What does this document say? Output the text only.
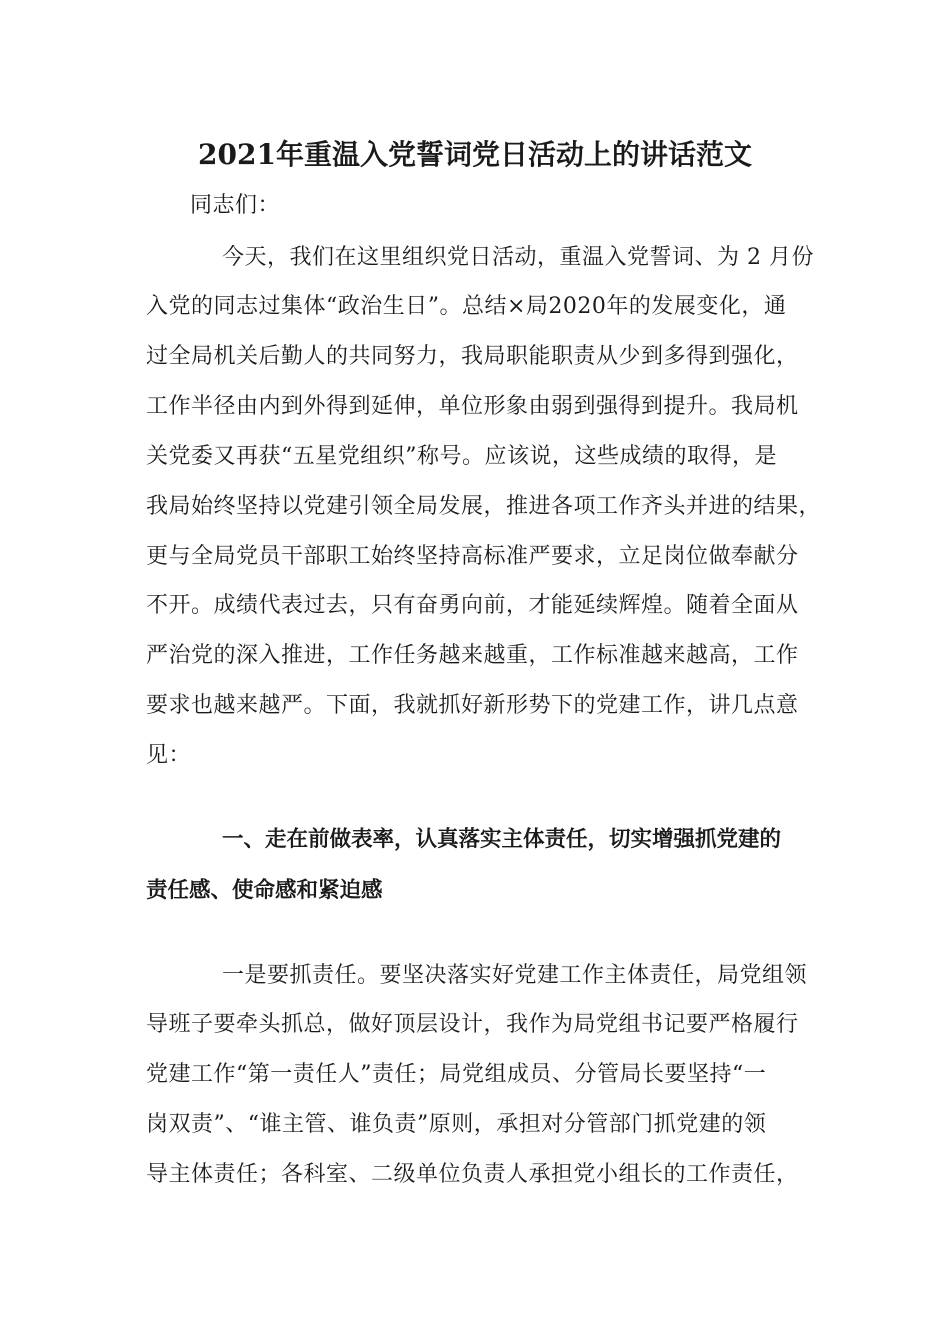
2021年重温入党誓词党日活动上的讲话范文
同志们：
今天，我们在这里组织党日活动，重温入党誓词、为 2 月份
入党的同志过集体“政治生日”。总结×局2020年的发展变化，通
过全局机关后勤人的共同努力，我局职能职责从少到多得到强化，
工作半径由内到外得到延伸，单位形象由弱到强得到提升。我局机
关党委又再获“五星党组织”称号。应该说，这些成绩的取得，是
我局始终坚持以党建引领全局发展，推进各项工作齐头并进的结果，
更与全局党员干部职工始终坚持高标准严要求，立足岗位做奉献分
不开。成绩代表过去，只有奋勇向前，才能延续辉煌。随着全面从
严治党的深入推进，工作任务越来越重，工作标准越来越高，工作
要求也越来越严。下面，我就抓好新形势下的党建工作，讲几点意
见：
一、走在前做表率，认真落实主体责任，切实增强抓党建的
责任感、使命感和紧迫感
一是要抓责任。要坚决落实好党建工作主体责任，局党组领
导班子要牵头抓总，做好顶层设计，我作为局党组书记要严格履行
党建工作“第一责任人”责任；局党组成员、分管局长要坚持“一
岗双责”、“谁主管、谁负责”原则，承担对分管部门抓党建的领
导主体责任；各科室、二级单位负责人承担党小组长的工作责任，
